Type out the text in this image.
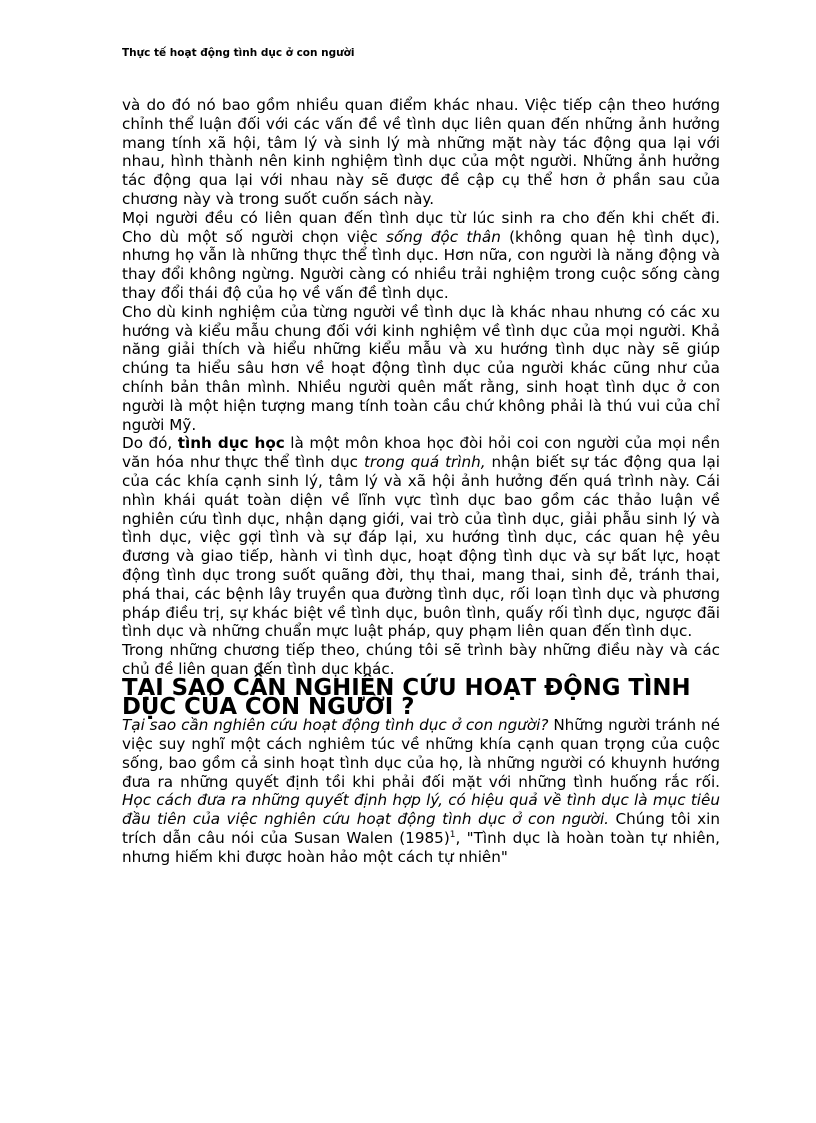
Thực tế hoạt động tình dục ở con người

và do đó nó bao gồm nhiều quan điểm khác nhau. Việc tiếp cận theo hướng chỉnh thể luận đối với các vấn đề về tình dục liên quan đến những ảnh hưởng mang tính xã hội, tâm lý và sinh lý mà những mặt này tác động qua lại với nhau, hình thành nên kinh nghiệm tình dục của một người. Những ảnh hưởng tác động qua lại với nhau này sẽ được đề cập cụ thể hơn ở phần sau của chương này và trong suốt cuốn sách này.

Mọi người đều có liên quan đến tình dục từ lúc sinh ra cho đến khi chết đi. Cho dù một số người chọn việc sống độc thân (không quan hệ tình dục), nhưng họ vẫn là những thực thể tình dục. Hơn nữa, con người là năng động và thay đổi không ngừng. Người càng có nhiều trải nghiệm trong cuộc sống càng thay đổi thái độ của họ về vấn đề tình dục.

Cho dù kinh nghiệm của từng người về tình dục là khác nhau nhưng có các xu hướng và kiểu mẫu chung đối với kinh nghiệm về tình dục của mọi người. Khả năng giải thích và hiểu những kiểu mẫu và xu hướng tình dục này sẽ giúp chúng ta hiểu sâu hơn về hoạt động tình dục của người khác cũng như của chính bản thân mình. Nhiều người quên mất rằng, sinh hoạt tình dục ở con người là một hiện tượng mang tính toàn cầu chứ không phải là thú vui của chỉ người Mỹ.

Do đó, tình dục học là một môn khoa học đòi hỏi coi con người của mọi nền văn hóa như thực thể tình dục trong quá trình, nhận biết sự tác động qua lại của các khía cạnh sinh lý, tâm lý và xã hội ảnh hưởng đến quá trình này. Cái nhìn khái quát toàn diện về lĩnh vực tình dục bao gồm các thảo luận về nghiên cứu tình dục, nhận dạng giới, vai trò của tình dục, giải phẫu sinh lý và tình dục, việc gợi tình và sự đáp lại, xu hướng tình dục, các quan hệ yêu đương và giao tiếp, hành vi tình dục, hoạt động tình dục và sự bất lực, hoạt động tình dục trong suốt quãng đời, thụ thai, mang thai, sinh đẻ, tránh thai, phá thai, các bệnh lây truyền qua đường tình dục, rối loạn tình dục và phương pháp điều trị, sự khác biệt về tình dục, buôn tình, quấy rối tình dục, ngược đãi tình dục và những chuẩn mực luật pháp, quy phạm liên quan đến tình dục.

Trong những chương tiếp theo, chúng tôi sẽ trình bày những điều này và các chủ đề liên quan đến tình dục khác.

TẠI SAO CẦN NGHIÊN CỨU HOẠT ĐỘNG TÌNH DỤC CỦA CON NGƯỜI ?

Tại sao cần nghiên cứu hoạt động tình dục ở con người? Những người tránh né việc suy nghĩ một cách nghiêm túc về những khía cạnh quan trọng của cuộc sống, bao gồm cả sinh hoạt tình dục của họ, là những người có khuynh hướng đưa ra những quyết định tồi khi phải đối mặt với những tình huống rắc rối. Học cách đưa ra những quyết định hợp lý, có hiệu quả về tình dục là mục tiêu đầu tiên của việc nghiên cứu hoạt động tình dục ở con người. Chúng tôi xin trích dẫn câu nói của Susan Walen $(1985)^1$, "Tình dục là hoàn toàn tự nhiên, nhưng hiếm khi được hoàn hảo một cách tự nhiên"
